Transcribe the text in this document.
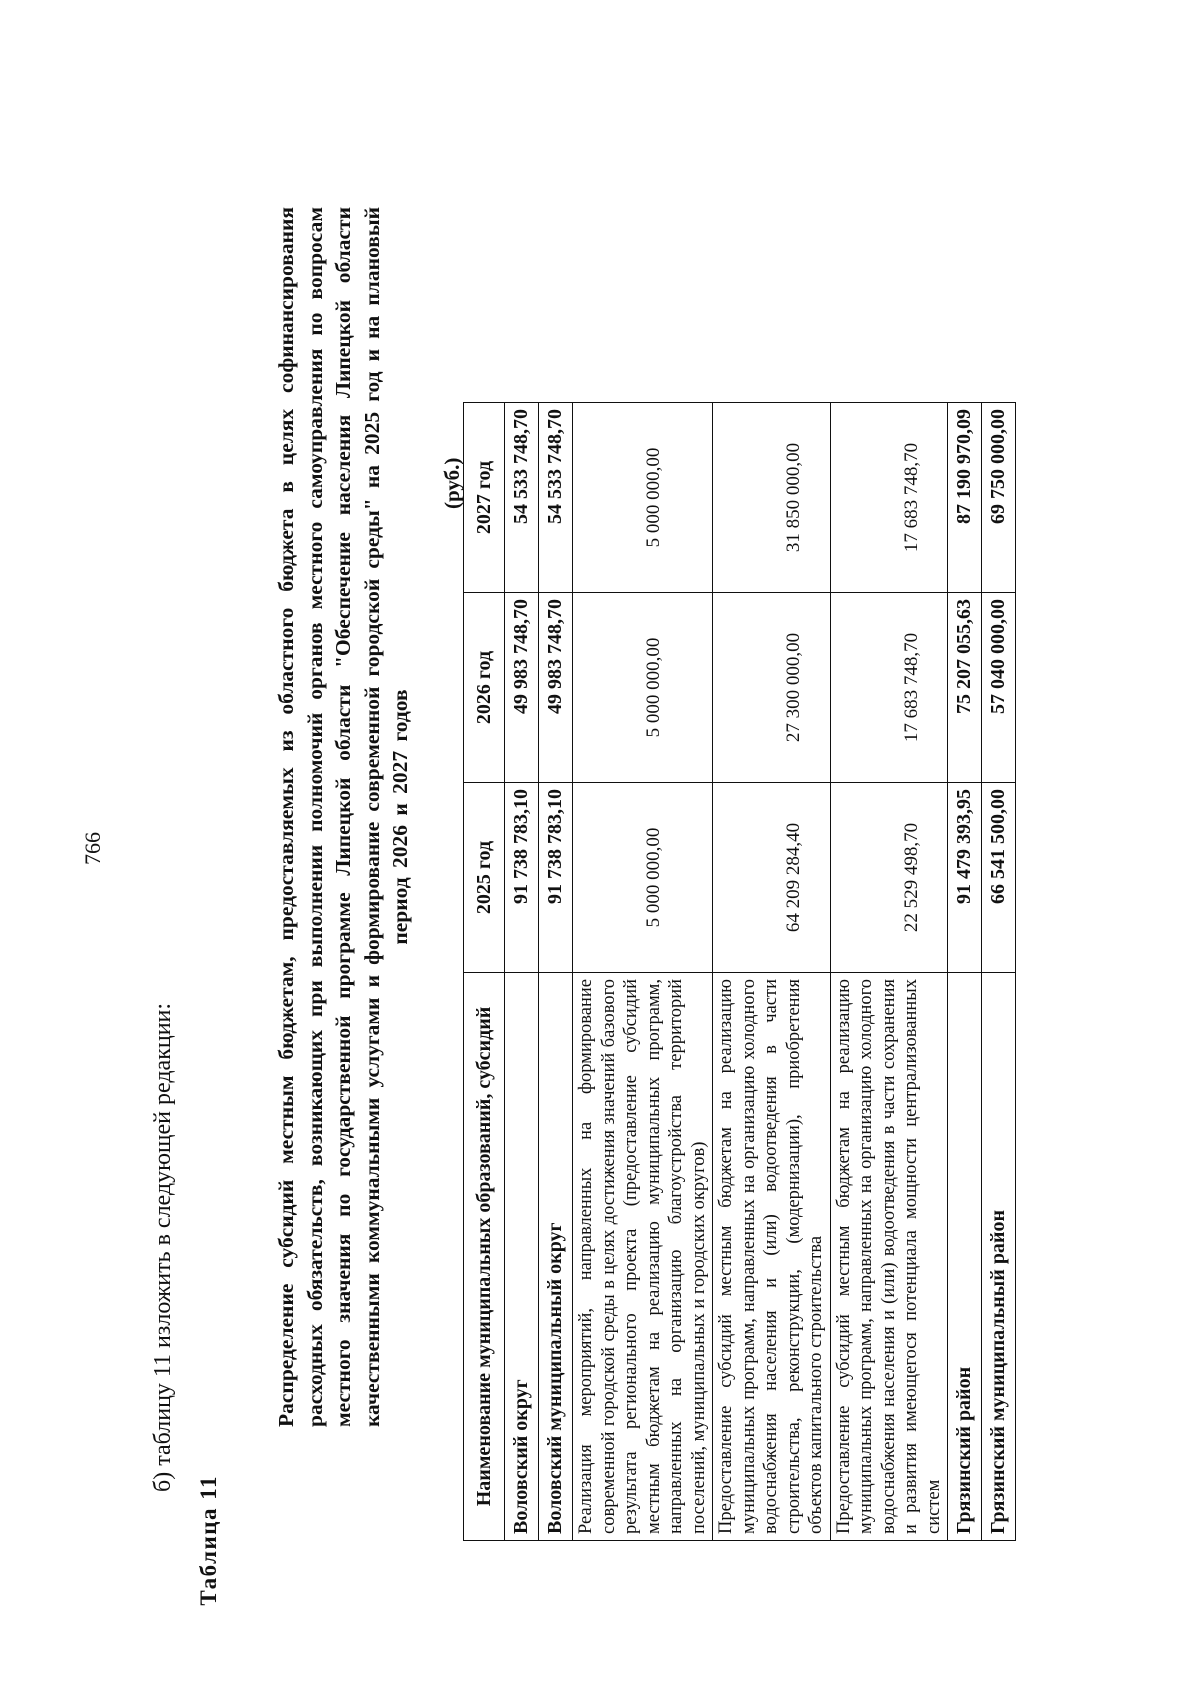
766
б) таблицу 11 изложить в следующей редакции:
Таблица 11
Распределение субсидий местным бюджетам, предоставляемых из областного бюджета в целях софинансирования расходных обязательств, возникающих при выполнении полномочий органов местного самоуправления по вопросам местного значения по государственной программе Липецкой области "Обеспечение населения Липецкой области качественными коммунальными услугами и формирование современной городской среды" на 2025 год и на плановый период 2026 и 2027 годов
(руб.)
Наименование муниципальных образований, субсидий	2025 год	2026 год	2027 год
Воловский округ	91 738 783,10	49 983 748,70	54 533 748,70
Воловский муниципальный округ	91 738 783,10	49 983 748,70	54 533 748,70
Реализация мероприятий, направленных на формирование современной городской среды в целях достижения значений базового результата регионального проекта (предоставление субсидий местным бюджетам на реализацию муниципальных программ, направленных на организацию благоустройства территорий поселений, муниципальных и городских округов)	5 000 000,00	5 000 000,00	5 000 000,00
Предоставление субсидий местным бюджетам на реализацию муниципальных программ, направленных на организацию холодного водоснабжения населения и (или) водоотведения в части строительства, реконструкции, (модернизации), приобретения объектов капитального строительства	64 209 284,40	27 300 000,00	31 850 000,00
Предоставление субсидий местным бюджетам на реализацию муниципальных программ, направленных на организацию холодного водоснабжения населения и (или) водоотведения в части сохранения и развития имеющегося потенциала мощности централизованных систем	22 529 498,70	17 683 748,70	17 683 748,70
Грязинский район	91 479 393,95	75 207 055,63	87 190 970,09
Грязинский муниципальный район	66 541 500,00	57 040 000,00	69 750 000,00
